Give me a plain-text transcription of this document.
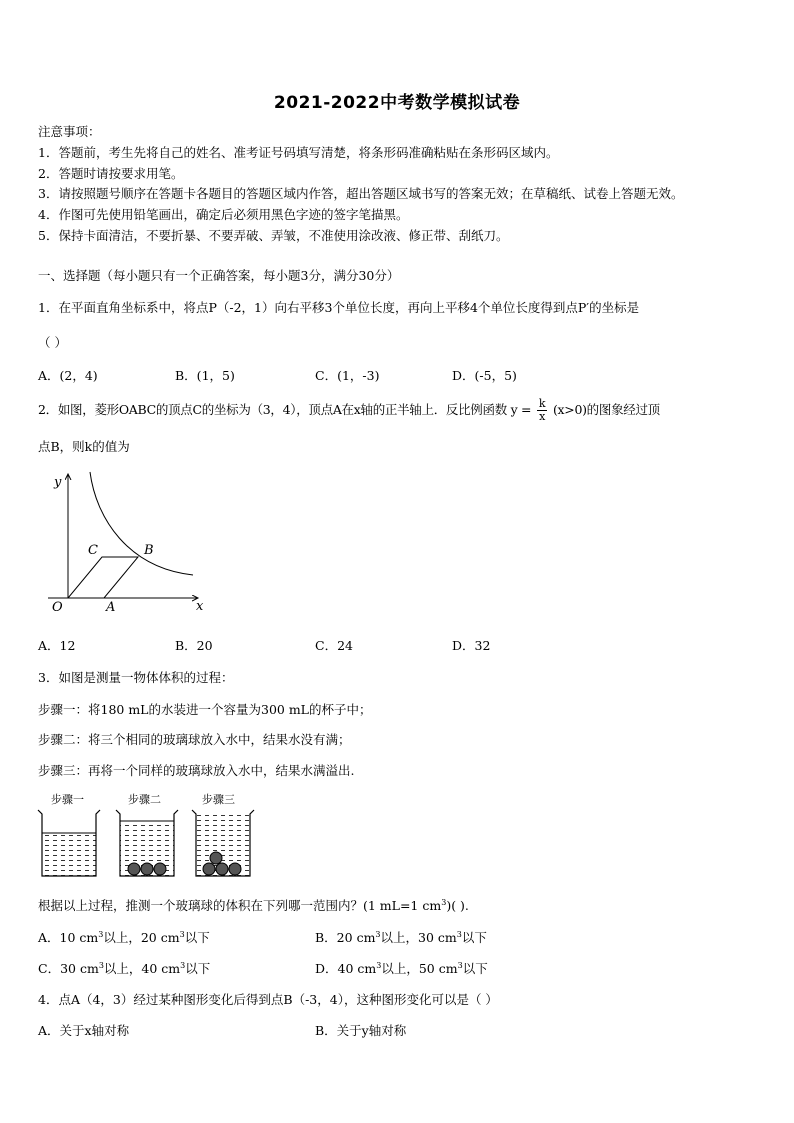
2021-2022中考数学模拟试卷
注意事项：
1．答题前，考生先将自己的姓名、准考证号码填写清楚，将条形码准确粘贴在条形码区域内。
2．答题时请按要求用笔。
3．请按照题号顺序在答题卡各题目的答题区域内作答，超出答题区域书写的答案无效；在草稿纸、试卷上答题无效。
4．作图可先使用铅笔画出，确定后必须用黑色字迹的签字笔描黑。
5．保持卡面清洁，不要折暴、不要弄破、弄皱，不准使用涂改液、修正带、刮纸刀。
一、选择题（每小题只有一个正确答案，每小题3分，满分30分）
1．在平面直角坐标系中，将点P（-2，1）向右平移3个单位长度，再向上平移4个单位长度得到点P′的坐标是
（ ）
A．(2，4)	B．(1，5)	C．(1，-3)	D．(-5，5)
2．如图，菱形OABC的顶点C的坐标为（3，4），顶点A在x轴的正半轴上．反比例函数 $y = \frac{k}{x} (x>0)$的图象经过顶
点B，则k的值为
y
x
O	A
B
C
A．12	B．20	C．24	D．32
3．如图是测量一物体体积的过程：
步骤一：将180 mL的水装进一个容量为300 mL的杯子中；
步骤二：将三个相同的玻璃球放入水中，结果水没有满；
步骤三：再将一个同样的玻璃球放入水中，结果水满溢出.
步骤一	步骤二	步骤三
根据以上过程，推测一个玻璃球的体积在下列哪一范围内？(1 mL=1 $cm^3$)( ).
A．10 $cm^3$以上，20 $cm^3$以下	B．20 $cm^3$以上，30 $cm^3$以下
C．30 $cm^3$以上，40 $cm^3$以下	D．40 $cm^3$以上，50 $cm^3$以下
4．点A（4，3）经过某种图形变化后得到点B（-3，4），这种图形变化可以是（ ）
A．关于x轴对称	B．关于y轴对称
